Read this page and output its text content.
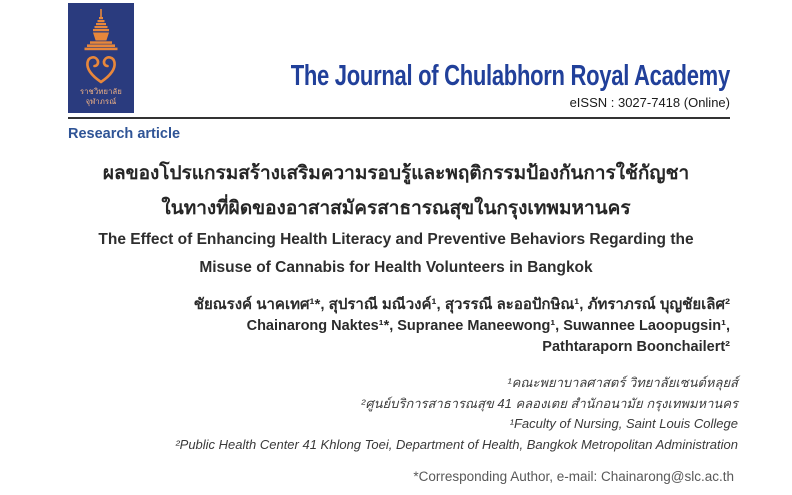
ราชวิทยาลัย
จุฬาภรณ์
The Journal of Chulabhorn Royal Academy
eISSN : 3027-7418 (Online)
Research article
ผลของโปรแกรมสร้างเสริมความรอบรู้และพฤติกรรมป้องกันการใช้กัญชา
ในทางที่ผิดของอาสาสมัครสาธารณสุขในกรุงเทพมหานคร
The Effect of Enhancing Health Literacy and Preventive Behaviors Regarding the
Misuse of Cannabis for Health Volunteers in Bangkok
ชัยณรงค์ นาคเทศ¹*, สุปราณี มณีวงค์¹, สุวรรณี ละออปักษิณ¹, ภัทราภรณ์ บุญชัยเลิศ²
Chainarong Naktes¹*, Supranee Maneewong¹, Suwannee Laoopugsin¹,
Pathtaraporn Boonchailert²
¹คณะพยาบาลศาสตร์ วิทยาลัยเซนต์หลุยส์
²ศูนย์บริการสาธารณสุข 41 คลองเตย สำนักอนามัย กรุงเทพมหานคร
¹Faculty of Nursing, Saint Louis College
²Public Health Center 41 Khlong Toei, Department of Health, Bangkok Metropolitan Administration
*Corresponding Author, e-mail: Chainarong@slc.ac.th
